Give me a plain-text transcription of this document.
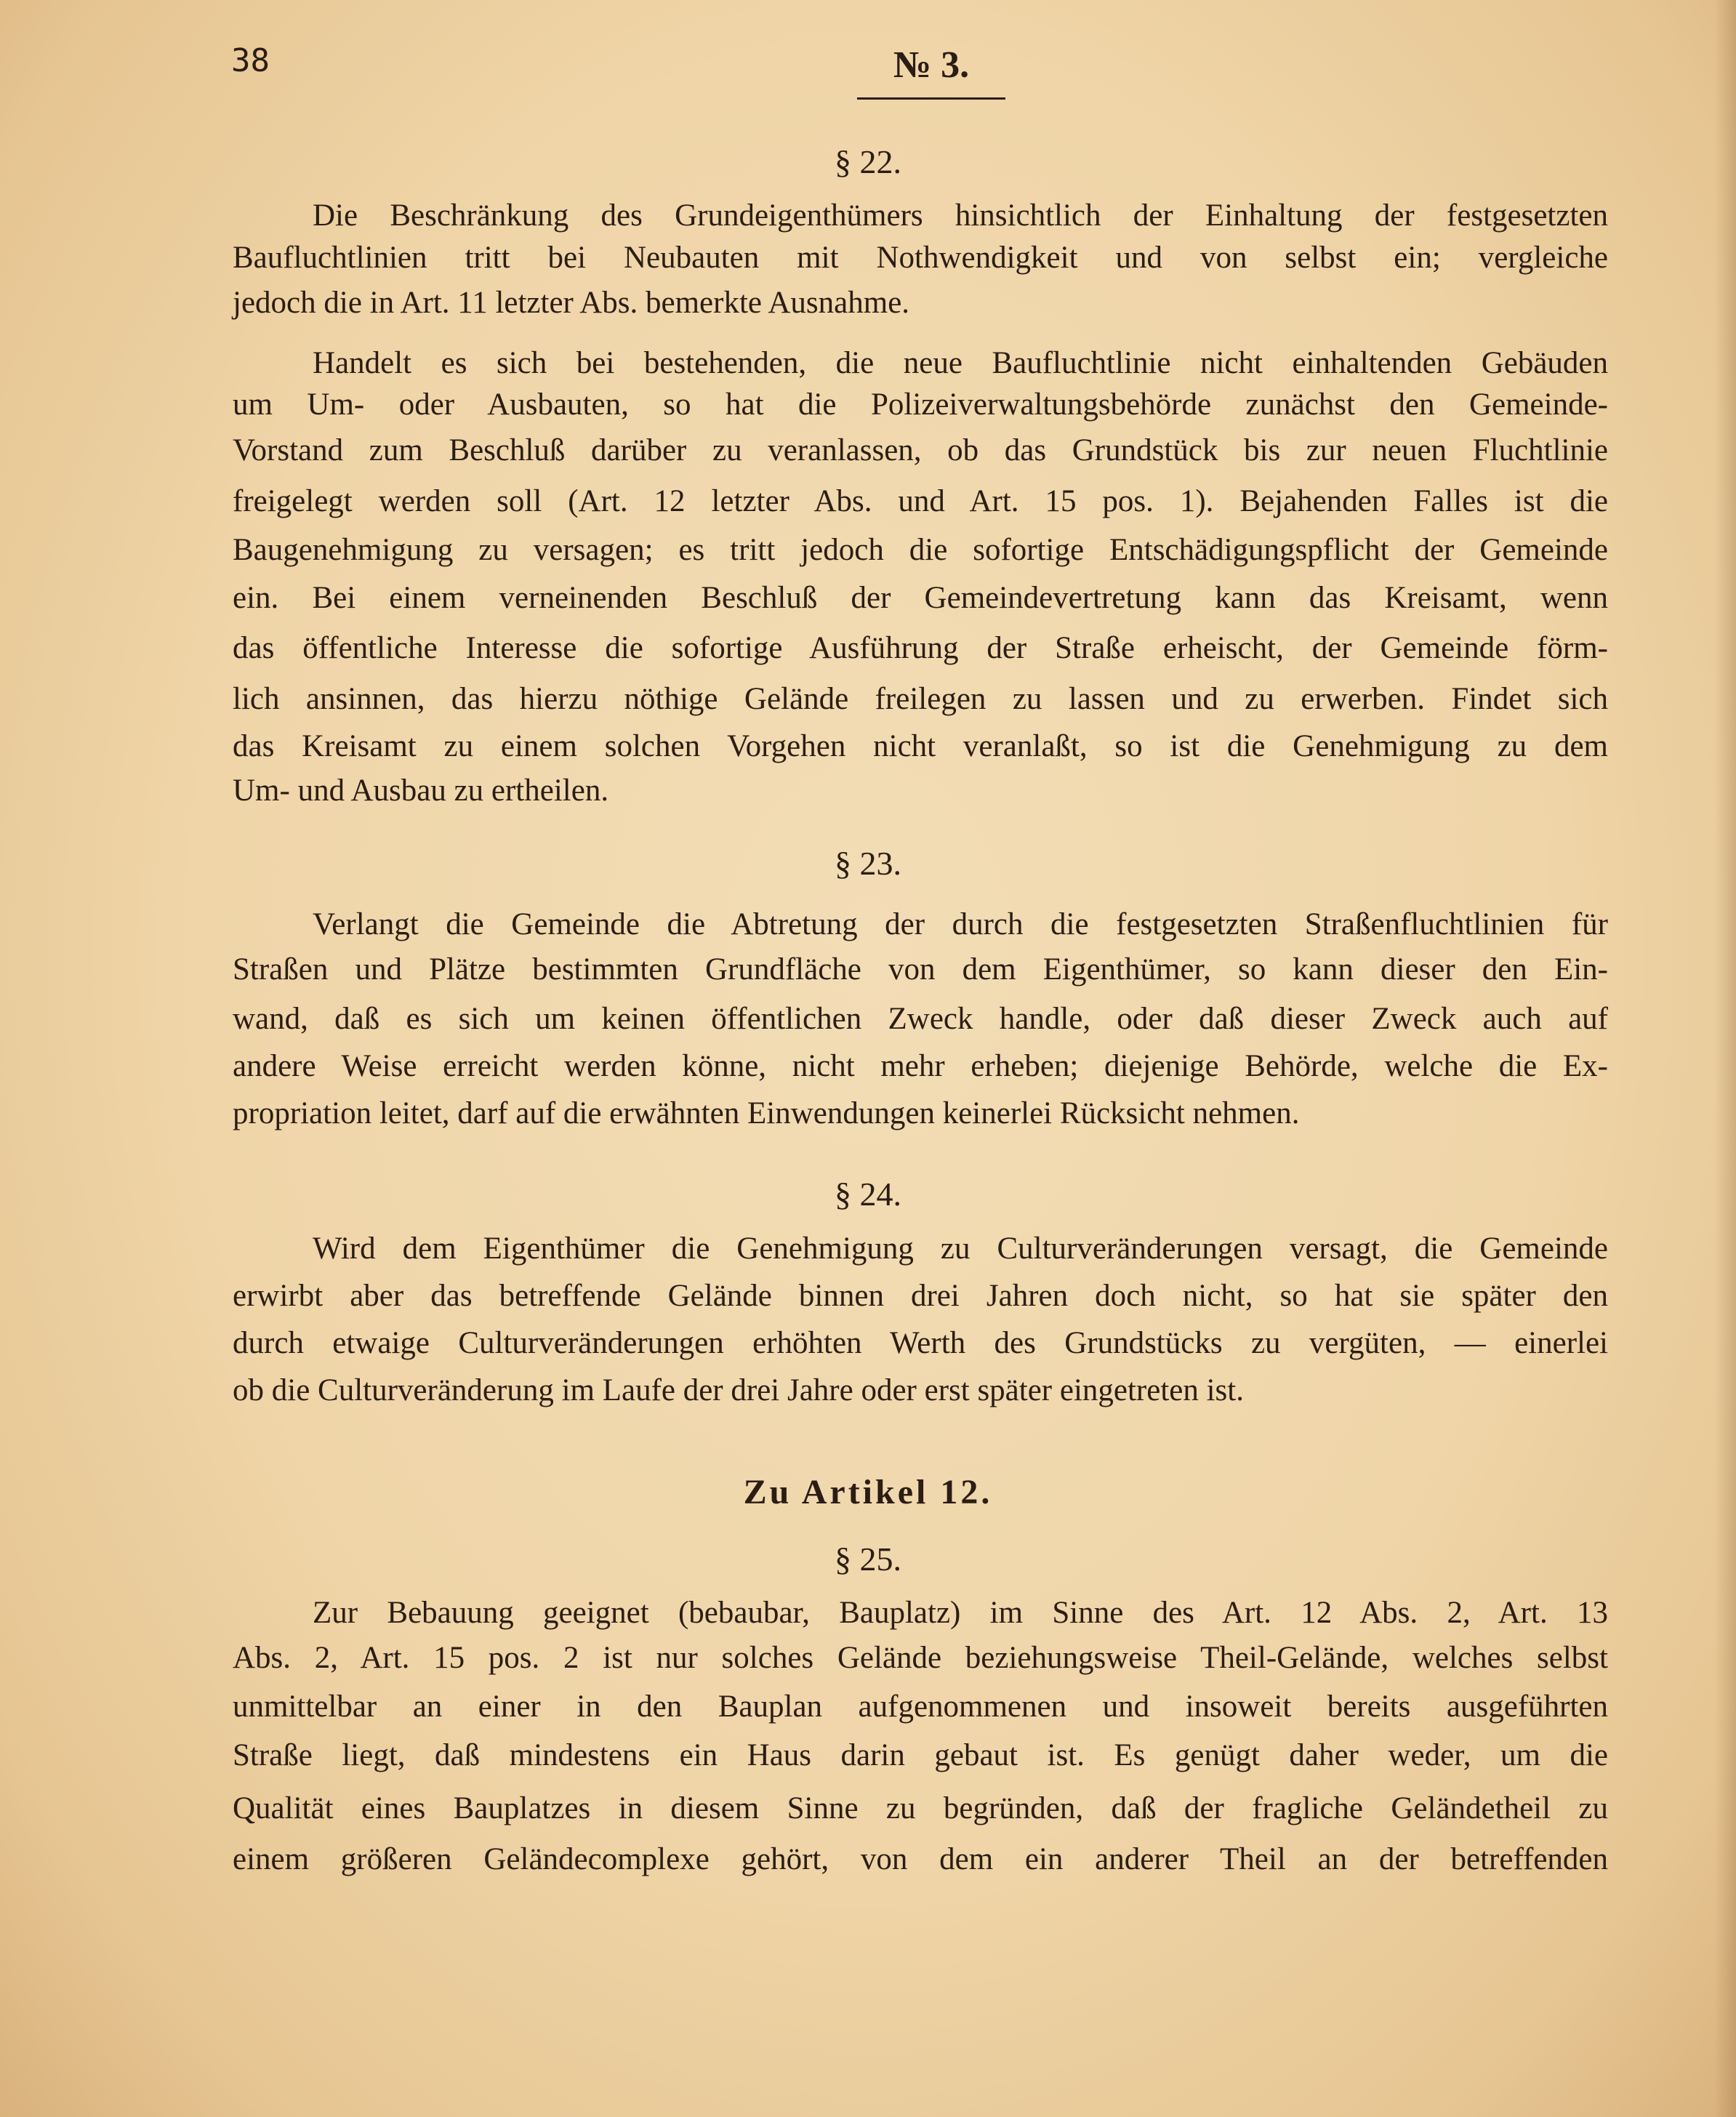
38	№ 3.
§ 22.
Die Beschränkung des Grundeigenthümers hinsichtlich der Einhaltung der festgesetzten
Baufluchtlinien tritt bei Neubauten mit Nothwendigkeit und von selbst ein; vergleiche
jedoch die in Art. 11 letzter Abs. bemerkte Ausnahme.
Handelt es sich bei bestehenden, die neue Baufluchtlinie nicht einhaltenden Gebäuden
um Um- oder Ausbauten, so hat die Polizeiverwaltungsbehörde zunächst den Gemeinde-
Vorstand zum Beschluß darüber zu veranlassen, ob das Grundstück bis zur neuen Fluchtlinie
freigelegt werden soll (Art. 12 letzter Abs. und Art. 15 pos. 1). Bejahenden Falles ist die
Baugenehmigung zu versagen; es tritt jedoch die sofortige Entschädigungspflicht der Gemeinde
ein. Bei einem verneinenden Beschluß der Gemeindevertretung kann das Kreisamt, wenn
das öffentliche Interesse die sofortige Ausführung der Straße erheischt, der Gemeinde förm-
lich ansinnen, das hierzu nöthige Gelände freilegen zu lassen und zu erwerben. Findet sich
das Kreisamt zu einem solchen Vorgehen nicht veranlaßt, so ist die Genehmigung zu dem
Um- und Ausbau zu ertheilen.
§ 23.
Verlangt die Gemeinde die Abtretung der durch die festgesetzten Straßenfluchtlinien für
Straßen und Plätze bestimmten Grundfläche von dem Eigenthümer, so kann dieser den Ein-
wand, daß es sich um keinen öffentlichen Zweck handle, oder daß dieser Zweck auch auf
andere Weise erreicht werden könne, nicht mehr erheben; diejenige Behörde, welche die Ex-
propriation leitet, darf auf die erwähnten Einwendungen keinerlei Rücksicht nehmen.
§ 24.
Wird dem Eigenthümer die Genehmigung zu Culturveränderungen versagt, die Gemeinde
erwirbt aber das betreffende Gelände binnen drei Jahren doch nicht, so hat sie später den
durch etwaige Culturveränderungen erhöhten Werth des Grundstücks zu vergüten, — einerlei
ob die Culturveränderung im Laufe der drei Jahre oder erst später eingetreten ist.
Zu Artikel 12.
§ 25.
Zur Bebauung geeignet (bebaubar, Bauplatz) im Sinne des Art. 12 Abs. 2, Art. 13
Abs. 2, Art. 15 pos. 2 ist nur solches Gelände beziehungsweise Theil-Gelände, welches selbst
unmittelbar an einer in den Bauplan aufgenommenen und insoweit bereits ausgeführten
Straße liegt, daß mindestens ein Haus darin gebaut ist. Es genügt daher weder, um die
Qualität eines Bauplatzes in diesem Sinne zu begründen, daß der fragliche Geländetheil zu
einem größeren Geländecomplexe gehört, von dem ein anderer Theil an der betreffenden
